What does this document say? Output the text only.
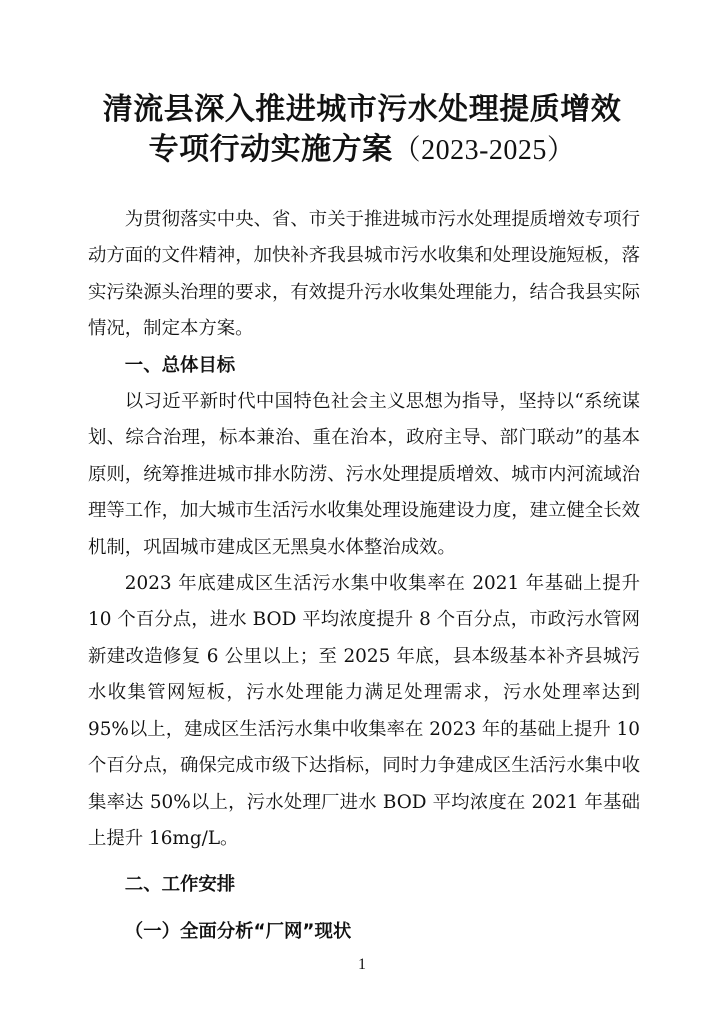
清流县深入推进城市污水处理提质增效
专项行动实施方案（2023-2025）

为贯彻落实中央、省、市关于推进城市污水处理提质增效专项行动方面的文件精神，加快补齐我县城市污水收集和处理设施短板，落实污染源头治理的要求，有效提升污水收集处理能力，结合我县实际情况，制定本方案。

一、总体目标

以习近平新时代中国特色社会主义思想为指导，坚持以“系统谋划、综合治理，标本兼治、重在治本，政府主导、部门联动”的基本原则，统筹推进城市排水防涝、污水处理提质增效、城市内河流域治理等工作，加大城市生活污水收集处理设施建设力度，建立健全长效机制，巩固城市建成区无黑臭水体整治成效。

2023 年底建成区生活污水集中收集率在 2021 年基础上提升 10 个百分点，进水 BOD 平均浓度提升 8 个百分点，市政污水管网新建改造修复 6 公里以上；至 2025 年底，县本级基本补齐县城污水收集管网短板，污水处理能力满足处理需求，污水处理率达到 95%以上，建成区生活污水集中收集率在 2023 年的基础上提升 10 个百分点，确保完成市级下达指标，同时力争建成区生活污水集中收集率达 50%以上，污水处理厂进水 BOD 平均浓度在 2021 年基础上提升 16mg/L。

二、工作安排

（一）全面分析“厂网”现状

1
